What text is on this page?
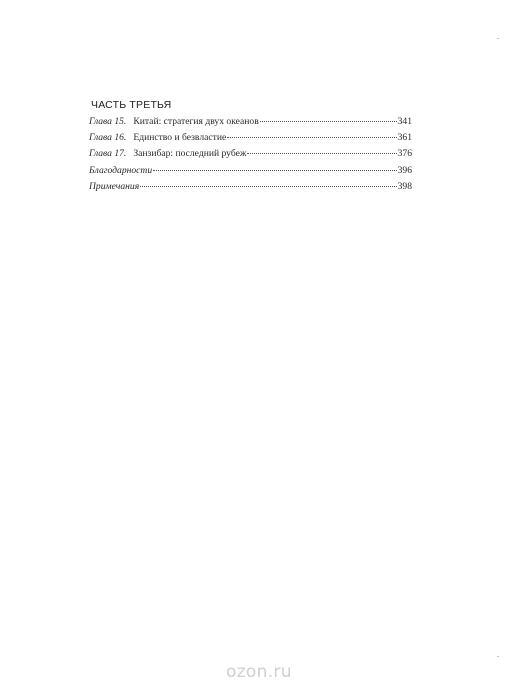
-
ЧАСТЬ ТРЕТЬЯ
Глава 15. Китай: стратегия двух океанов	341
Глава 16. Единство и безвластие	361
Глава 17. Занзибар: последний рубеж	376
Благодарности	396
Примечания	398
-
ozon.ru
